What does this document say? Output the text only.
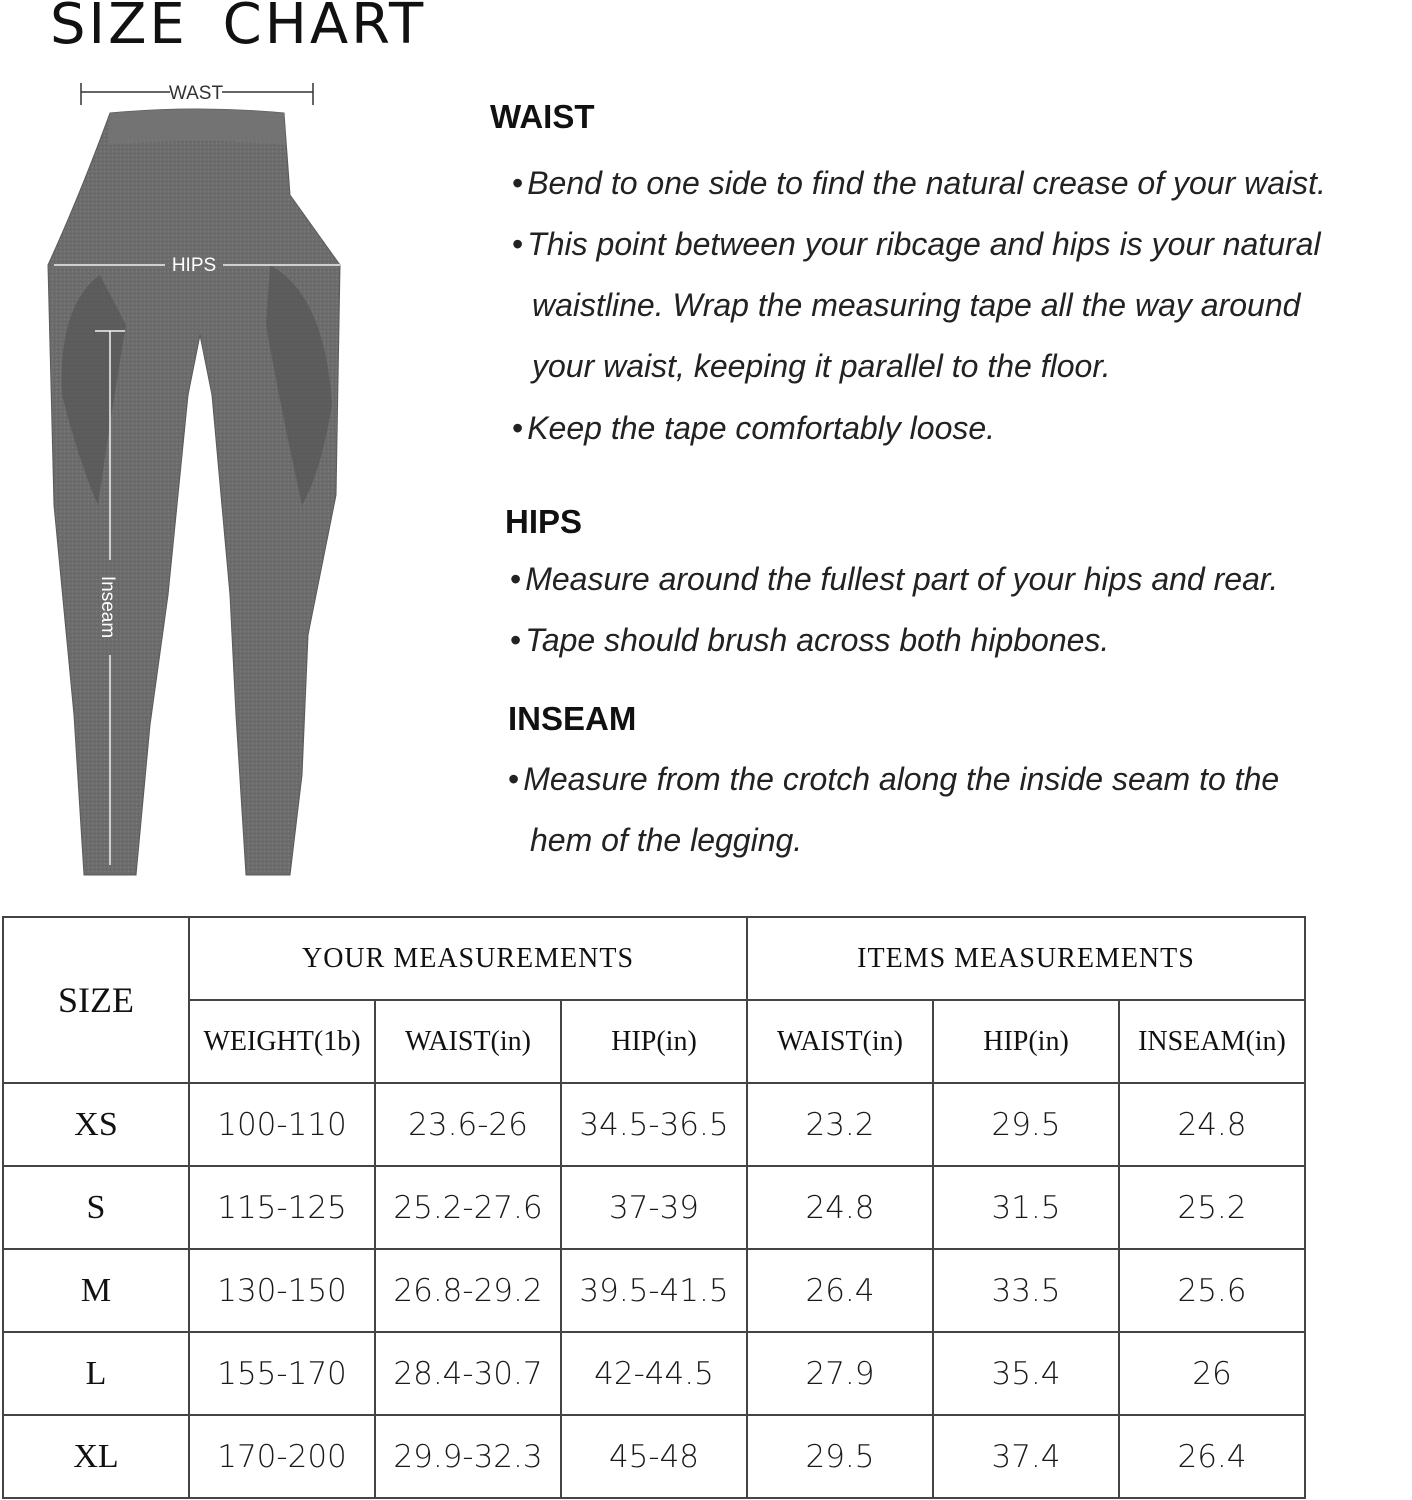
SIZE CHART
WAST
HIPS
Inseam
WAIST
• Bend to one side to find the natural crease of your waist.
• This point between your ribcage and hips is your natural
waistline. Wrap the measuring tape all the way around
your waist, keeping it parallel to the floor.
• Keep the tape comfortably loose.
HIPS
• Measure around the fullest part of your hips and rear.
• Tape should brush across both hipbones.
INSEAM
• Measure from the crotch along the inside seam to the
hem of the legging.
SIZE	YOUR MEASUREMENTS			ITEMS MEASUREMENTS		
	WEIGHT(1b)	WAIST(in)	HIP(in)	WAIST(in)	HIP(in)	INSEAM(in)
XS	100-110	23.6-26	34.5-36.5	23.2	29.5	24.8
S	115-125	25.2-27.6	37-39	24.8	31.5	25.2
M	130-150	26.8-29.2	39.5-41.5	26.4	33.5	25.6
L	155-170	28.4-30.7	42-44.5	27.9	35.4	26
XL	170-200	29.9-32.3	45-48	29.5	37.4	26.4
